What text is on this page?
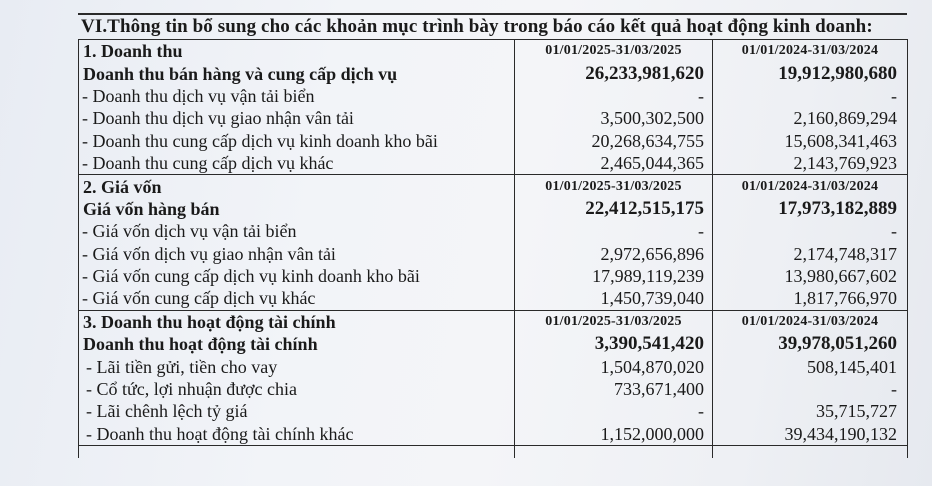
VI.Thông tin bổ sung cho các khoản mục trình bày trong báo cáo kết quả hoạt động kinh doanh:
1. Doanh thu	01/01/2025-31/03/2025	01/01/2024-31/03/2024
Doanh thu bán hàng và cung cấp dịch vụ	26,233,981,620	19,912,980,680
- Doanh thu dịch vụ vận tải biển	-	-
- Doanh thu dịch vụ giao nhận vân tải	3,500,302,500	2,160,869,294
- Doanh thu cung cấp dịch vụ kinh doanh kho bãi	20,268,634,755	15,608,341,463
- Doanh thu cung cấp dịch vụ khác	2,465,044,365	2,143,769,923
2. Giá vốn	01/01/2025-31/03/2025	01/01/2024-31/03/2024
Giá vốn hàng bán	22,412,515,175	17,973,182,889
- Giá vốn dịch vụ vận tải biển	-	-
- Giá vốn dịch vụ giao nhận vân tải	2,972,656,896	2,174,748,317
- Giá vốn cung cấp dịch vụ kinh doanh kho bãi	17,989,119,239	13,980,667,602
- Giá vốn cung cấp dịch vụ khác	1,450,739,040	1,817,766,970
3. Doanh thu hoạt động tài chính	01/01/2025-31/03/2025	01/01/2024-31/03/2024
Doanh thu hoạt động tài chính	3,390,541,420	39,978,051,260
- Lãi tiền gửi, tiền cho vay	1,504,870,020	508,145,401
- Cổ tức, lợi nhuận được chia	733,671,400	-
- Lãi chênh lệch tỷ giá	-	35,715,727
- Doanh thu hoạt động tài chính khác	1,152,000,000	39,434,190,132
